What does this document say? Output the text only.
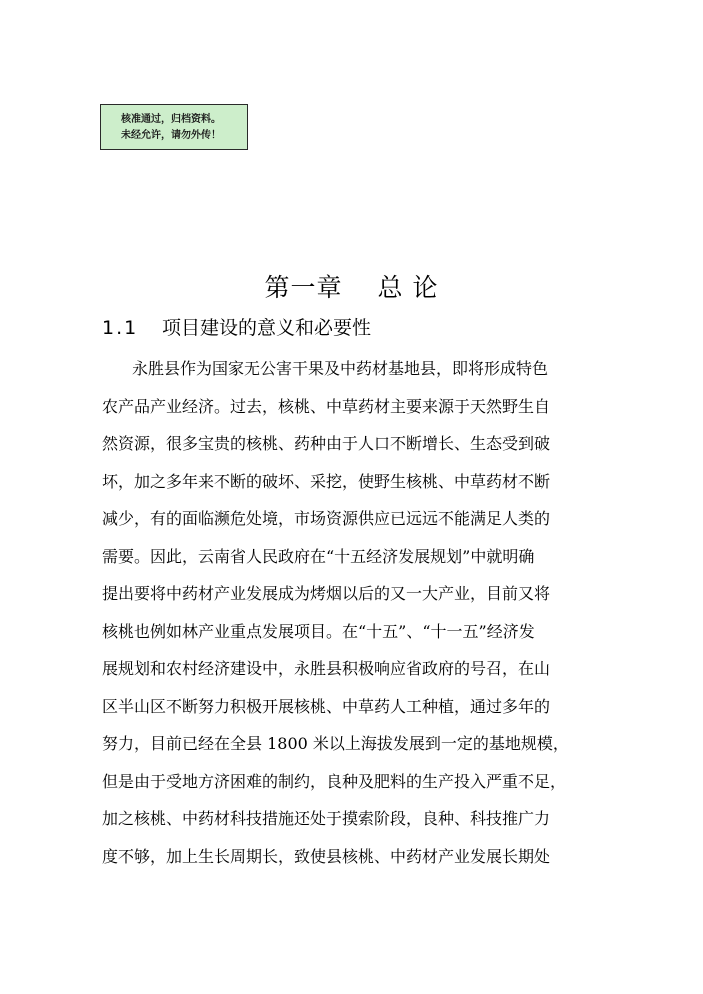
核准通过，归档资料。
未经允许，请勿外传！
第一章　 总 论
1.1 项目建设的意义和必要性
永胜县作为国家无公害干果及中药材基地县，即将形成特色
农产品产业经济。过去，核桃、中草药材主要来源于天然野生自
然资源，很多宝贵的核桃、药种由于人口不断增长、生态受到破
坏，加之多年来不断的破坏、采挖，使野生核桃、中草药材不断
减少，有的面临濒危处境，市场资源供应已远远不能满足人类的
需要。因此，云南省人民政府在“十五经济发展规划”中就明确
提出要将中药材产业发展成为烤烟以后的又一大产业，目前又将
核桃也例如林产业重点发展项目。在“十五”、“十一五”经济发
展规划和农村经济建设中，永胜县积极响应省政府的号召，在山
区半山区不断努力积极开展核桃、中草药人工种植，通过多年的
努力，目前已经在全县 1800 米以上海拔发展到一定的基地规模，
但是由于受地方济困难的制约，良种及肥料的生产投入严重不足，
加之核桃、中药材科技措施还处于摸索阶段，良种、科技推广力
度不够，加上生长周期长，致使县核桃、中药材产业发展长期处
